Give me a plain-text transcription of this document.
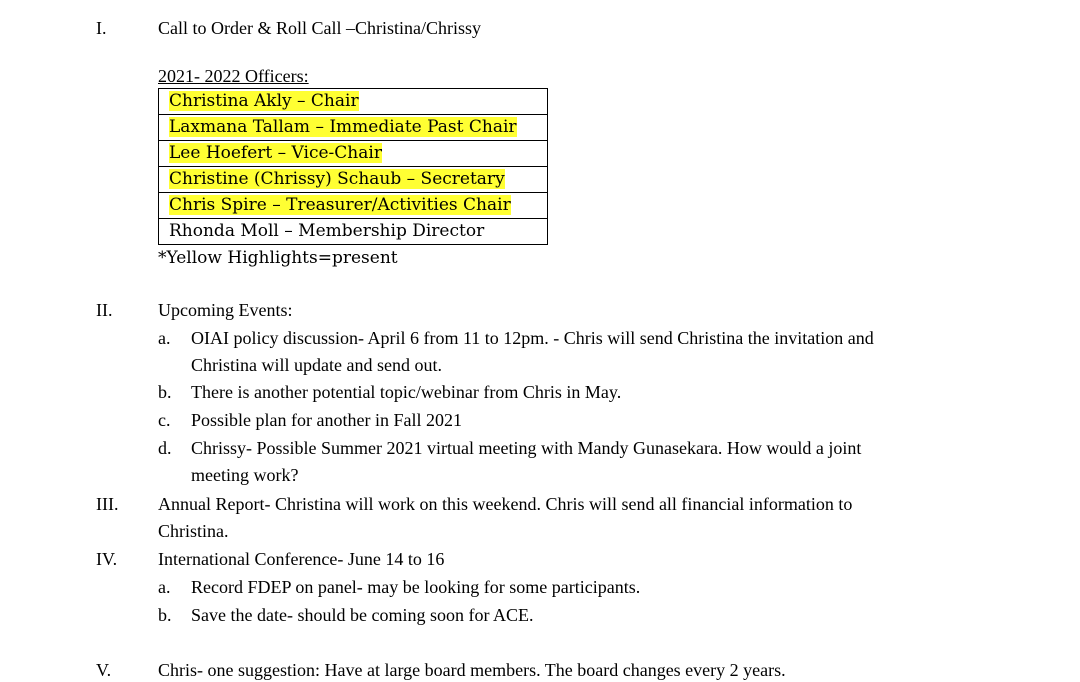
I.	Call to Order & Roll Call –Christina/Chrissy
2021- 2022 Officers:
Christina Akly – Chair
Laxmana Tallam – Immediate Past Chair
Lee Hoefert – Vice-Chair
Christine (Chrissy) Schaub – Secretary
Chris Spire – Treasurer/Activities Chair
Rhonda Moll – Membership Director
*Yellow Highlights=present
II.	Upcoming Events:
a. OIAI policy discussion- April 6 from 11 to 12pm. - Chris will send Christina the invitation and
Christina will update and send out.
b. There is another potential topic/webinar from Chris in May.
c. Possible plan for another in Fall 2021
d. Chrissy- Possible Summer 2021 virtual meeting with Mandy Gunasekara. How would a joint
meeting work?
III. Annual Report- Christina will work on this weekend. Chris will send all financial information to
Christina.
IV. International Conference- June 14 to 16
a. Record FDEP on panel- may be looking for some participants.
b. Save the date- should be coming soon for ACE.
V.	Chris- one suggestion: Have at large board members. The board changes every 2 years.
